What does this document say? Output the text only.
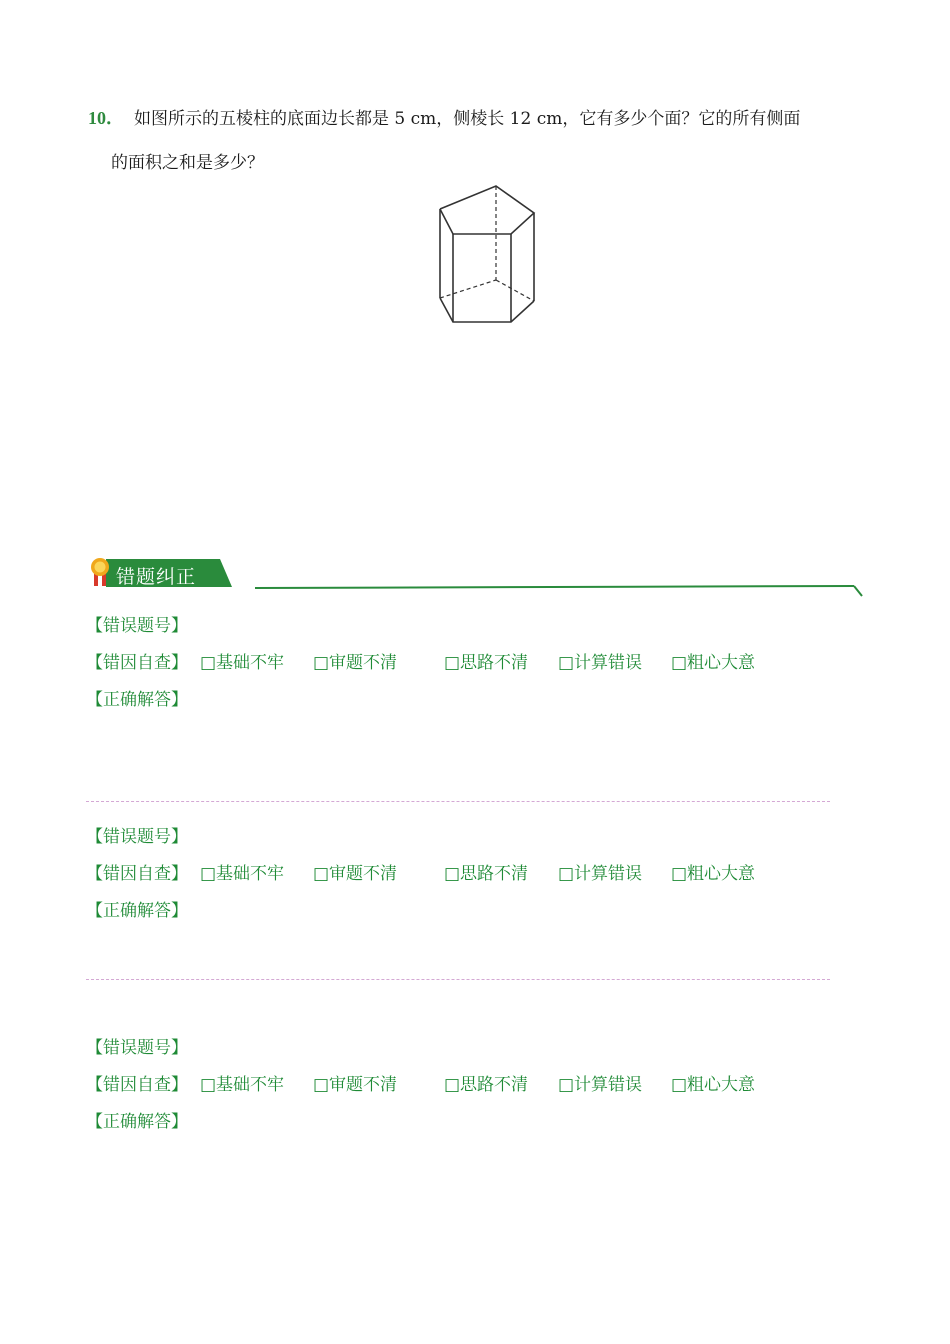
10． 如图所示的五棱柱的底面边长都是 5 cm，侧棱长 12 cm，它有多少个面？它的所有侧面
的面积之和是多少？
错题纠正
【错误题号】
【错因自查】 □基础不牢 □审题不清	□思路不清 □计算错误 □粗心大意
【正确解答】
【错误题号】
【错因自查】 □基础不牢 □审题不清	□思路不清 □计算错误 □粗心大意
【正确解答】
【错误题号】
【错因自查】 □基础不牢 □审题不清	□思路不清 □计算错误 □粗心大意
【正确解答】
